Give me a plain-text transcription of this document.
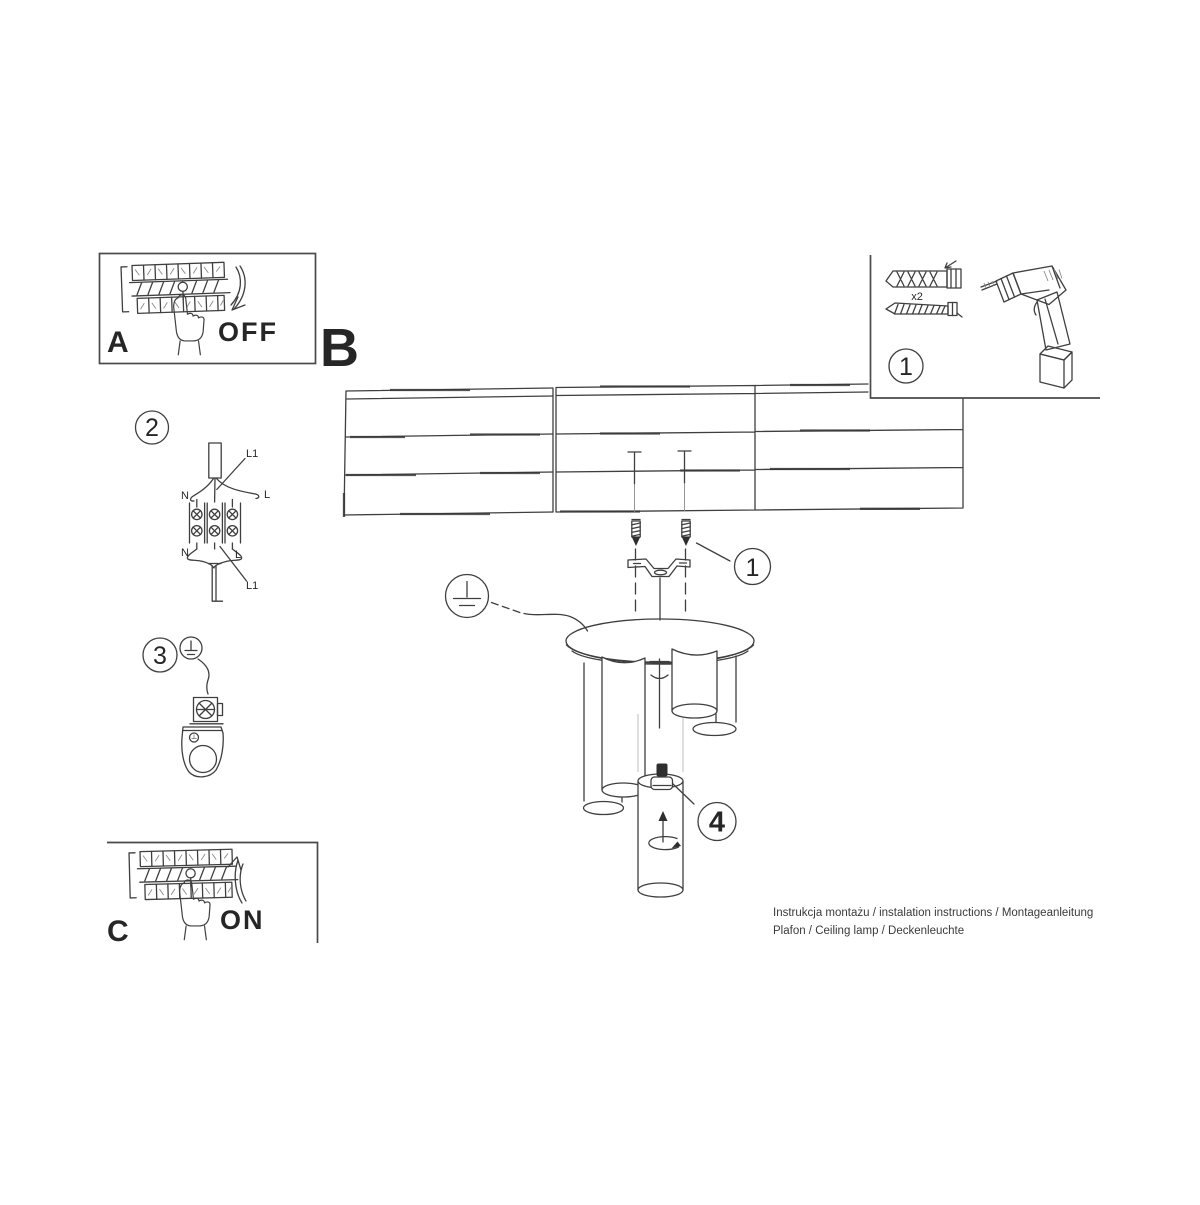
OFF
A	B
x2
1
2
N	L
L1
N	L
L1
3
ON
C
1
4
Instrukcja montażu / instalation instructions / Montageanleitung
Plafon / Ceiling lamp / Deckenleuchte
